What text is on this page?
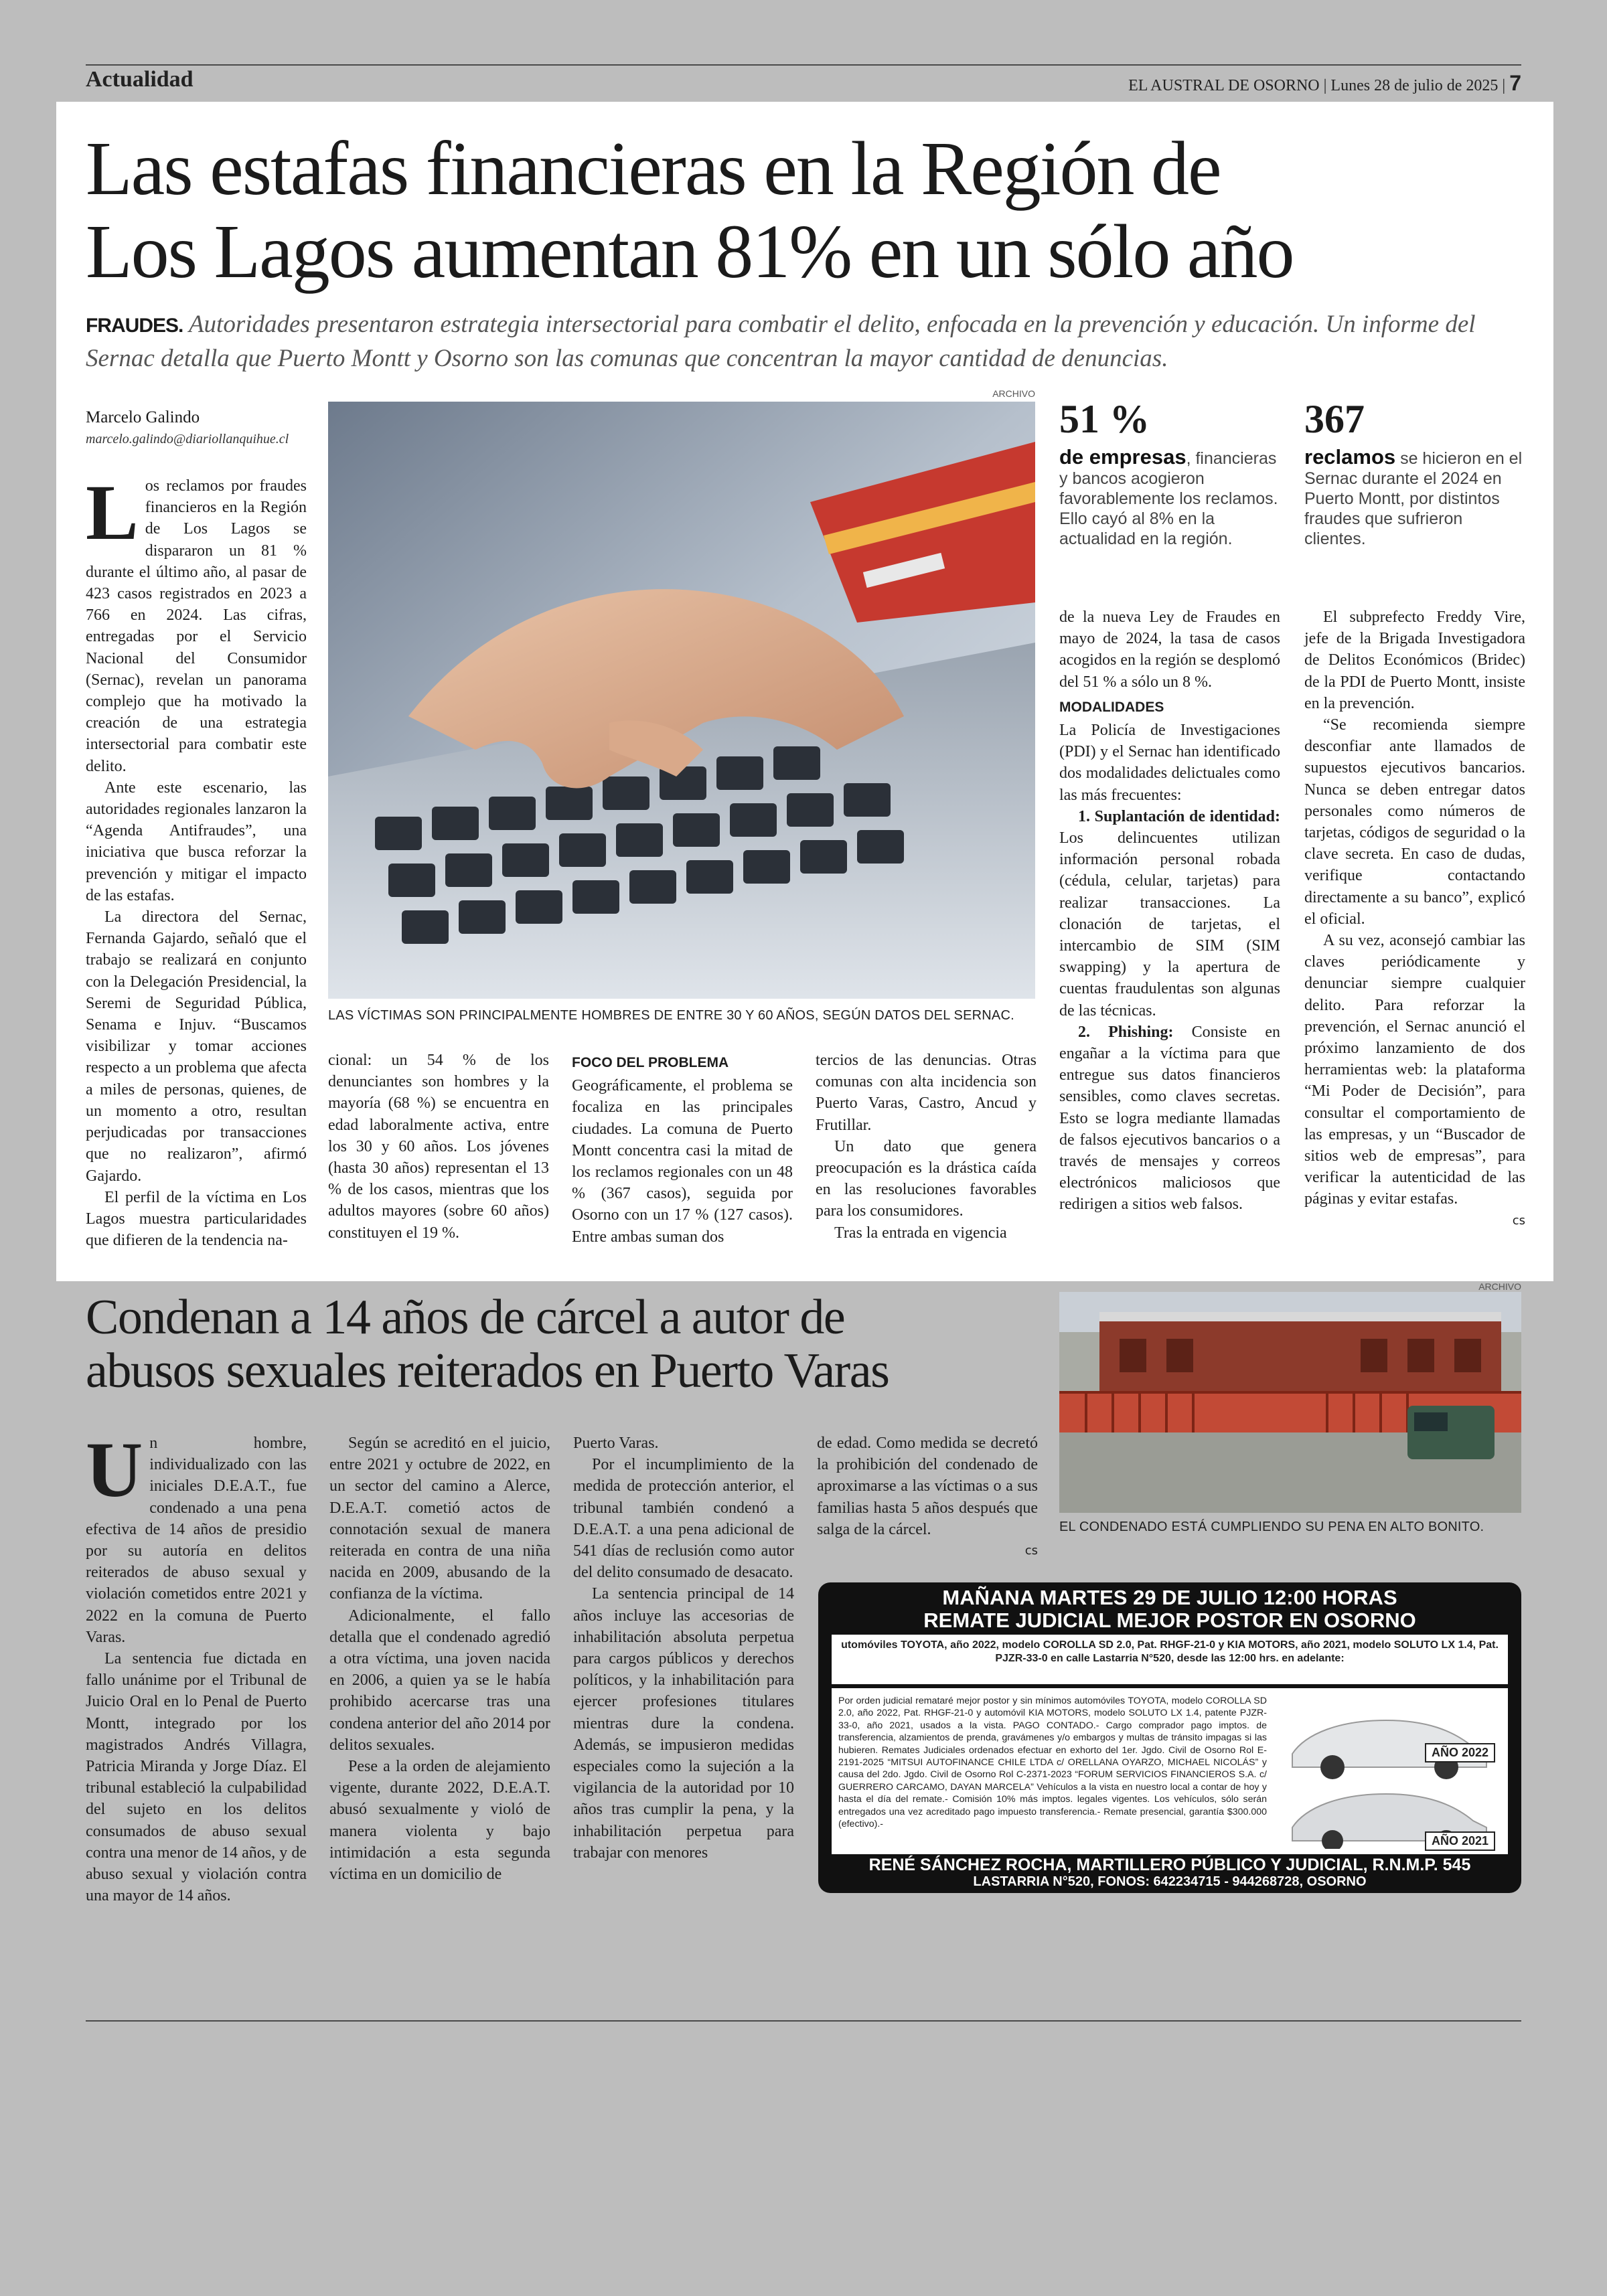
Actualidad	EL AUSTRAL DE OSORNO | Lunes 28 de julio de 2025 | 7
Las estafas financieras en la Región de
Los Lagos aumentan 81% en un sólo año
FRAUDES. Autoridades presentaron estrategia intersectorial para combatir el delito, enfocada en la prevención y educación. Un informe del Sernac detalla que Puerto Montt y Osorno son las comunas que concentran la mayor cantidad de denuncias.
Marcelo Galindo
marcelo.galindo@diariollanquihue.cl

Los reclamos por fraudes financieros en la Región de Los Lagos se dispararon un 81 % durante el último año, al pasar de 423 casos registrados en 2023 a 766 en 2024. Las cifras, entregadas por el Servicio Nacional del Consumidor (Sernac), revelan un panorama complejo que ha motivado la creación de una estrategia intersectorial para combatir este delito.

Ante este escenario, las autoridades regionales lanzaron la “Agenda Antifraudes”, una iniciativa que busca reforzar la prevención y mitigar el impacto de las estafas.

La directora del Sernac, Fernanda Gajardo, señaló que el trabajo se realizará en conjunto con la Delegación Presidencial, la Seremi de Seguridad Pública, Senama e Injuv. “Buscamos visibilizar y tomar acciones respecto a un problema que afecta a miles de personas, quienes, de un momento a otro, resultan perjudicadas por transacciones que no realizaron”, afirmó Gajardo.

El perfil de la víctima en Los Lagos muestra particularidades que difieren de la tendencia na-

ARCHIVO
LAS VÍCTIMAS SON PRINCIPALMENTE HOMBRES DE ENTRE 30 Y 60 AÑOS, SEGÚN DATOS DEL SERNAC.
51 %
de empresas, financieras y bancos acogieron favorablemente los reclamos. Ello cayó al 8% en la actualidad en la región.
367
reclamos se hicieron en el Sernac durante el 2024 en Puerto Montt, por distintos fraudes que sufrieron clientes.

cional: un 54 % de los denunciantes son hombres y la mayoría (68 %) se encuentra en edad laboralmente activa, entre los 30 y 60 años. Los jóvenes (hasta 30 años) representan el 13 % de los casos, mientras que los adultos mayores (sobre 60 años) constituyen el 19 %.

FOCO DEL PROBLEMA

Geográficamente, el problema se focaliza en las principales ciudades. La comuna de Puerto Montt concentra casi la mitad de los reclamos regionales con un 48 % (367 casos), seguida por Osorno con un 17 % (127 casos). Entre ambas suman dos

tercios de las denuncias. Otras comunas con alta incidencia son Puerto Varas, Castro, Ancud y Frutillar.

Un dato que genera preocupación es la drástica caída en las resoluciones favorables para los consumidores.

Tras la entrada en vigencia

de la nueva Ley de Fraudes en mayo de 2024, la tasa de casos acogidos en la región se desplomó del 51 % a sólo un 8 %.

MODALIDADES

La Policía de Investigaciones (PDI) y el Sernac han identificado dos modalidades delictuales como las más frecuentes:

1. Suplantación de identidad: Los delincuentes utilizan información personal robada (cédula, celular, tarjetas) para realizar transacciones. La clonación de tarjetas, el intercambio de SIM (SIM swapping) y la apertura de cuentas fraudulentas son algunas de las técnicas.

2. Phishing: Consiste en engañar a la víctima para que entregue sus datos financieros sensibles, como claves secretas. Esto se logra mediante llamadas de falsos ejecutivos bancarios o a través de mensajes y correos electrónicos maliciosos que redirigen a sitios web falsos.

El subprefecto Freddy Vire, jefe de la Brigada Investigadora de Delitos Económicos (Bridec) de la PDI de Puerto Montt, insiste en la prevención.

“Se recomienda siempre desconfiar ante llamados de supuestos ejecutivos bancarios. Nunca se deben entregar datos personales como números de tarjetas, códigos de seguridad o la clave secreta. En caso de dudas, verifique contactando directamente a su banco”, explicó el oficial.

A su vez, aconsejó cambiar las claves periódicamente y denunciar siempre cualquier delito. Para reforzar la prevención, el Sernac anunció el próximo lanzamiento de dos herramientas web: la plataforma “Mi Poder de Decisión”, para consultar el comportamiento de las empresas, y un “Buscador de sitios web de empresas”, para verificar la autenticidad de las páginas y evitar estafas.

cs
Condenan a 14 años de cárcel a autor de
abusos sexuales reiterados en Puerto Varas
ARCHIVO
EL CONDENADO ESTÁ CUMPLIENDO SU PENA EN ALTO BONITO.

Un hombre, individualizado con las iniciales D.E.A.T., fue condenado a una pena efectiva de 14 años de presidio por su autoría en delitos reiterados de abuso sexual y violación cometidos entre 2021 y 2022 en la comuna de Puerto Varas.

La sentencia fue dictada en fallo unánime por el Tribunal de Juicio Oral en lo Penal de Puerto Montt, integrado por los magistrados Andrés Villagra, Patricia Miranda y Jorge Díaz. El tribunal estableció la culpabilidad del sujeto en los delitos consumados de abuso sexual contra una menor de 14 años, y de abuso sexual y violación contra una mayor de 14 años.

Según se acreditó en el juicio, entre 2021 y octubre de 2022, en un sector del camino a Alerce, D.E.A.T. cometió actos de connotación sexual de manera reiterada en contra de una niña nacida en 2009, abusando de la confianza de la víctima.

Adicionalmente, el fallo detalla que el condenado agredió a otra víctima, una joven nacida en 2006, a quien ya se le había prohibido acercarse tras una condena anterior del año 2014 por delitos sexuales.

Pese a la orden de alejamiento vigente, durante 2022, D.E.A.T. abusó sexualmente y violó de manera violenta y bajo intimidación a esta segunda víctima en un domicilio de

Puerto Varas.

Por el incumplimiento de la medida de protección anterior, el tribunal también condenó a D.E.A.T. a una pena adicional de 541 días de reclusión como autor del delito consumado de desacato.

La sentencia principal de 14 años incluye las accesorias de inhabilitación absoluta perpetua para cargos públicos y derechos políticos, y la inhabilitación para ejercer profesiones titulares mientras dure la condena. Además, se impusieron medidas especiales como la sujeción a la vigilancia de la autoridad por 10 años tras cumplir la pena, y la inhabilitación perpetua para trabajar con menores

de edad. Como medida se decretó la prohibición del condenado de aproximarse a las víctimas o a sus familias hasta 5 años después que salga de la cárcel.

cs
MAÑANA MARTES 29 DE JULIO 12:00 HORAS
REMATE JUDICIAL MEJOR POSTOR EN OSORNO
utomóviles TOYOTA, año 2022, modelo COROLLA SD 2.0, Pat. RHGF-21-0 y KIA MOTORS, año 2021, modelo SOLUTO LX 1.4, Pat. PJZR-33-0 en calle Lastarria N°520, desde las 12:00 hrs. en adelante:
Por orden judicial remataré mejor postor y sin mínimos automóviles TOYOTA, modelo COROLLA SD 2.0, año 2022, Pat. RHGF-21-0 y automóvil KIA MOTORS, modelo SOLUTO LX 1.4, patente PJZR-33-0, año 2021, usados a la vista. PAGO CONTADO.- Cargo comprador pago imptos. de transferencia, alzamientos de prenda, gravámenes y/o embargos y multas de tránsito impagas si las hubieren. Remates Judiciales ordenados efectuar en exhorto del 1er. Jgdo. Civil de Osorno Rol E-2191-2025 “MITSUI AUTOFINANCE CHILE LTDA c/ ORELLANA OYARZO, MICHAEL NICOLÁS” y causa del 2do. Jgdo. Civil de Osorno Rol C-2371-2023 “FORUM SERVICIOS FINANCIEROS S.A. c/ GUERRERO CARCAMO, DAYAN MARCELA” Vehículos a la vista en nuestro local a contar de hoy y hasta el día del remate.- Comisión 10% más imptos. legales vigentes. Los vehículos, sólo serán entregados una vez acreditado pago impuesto transferencia.- Remate presencial, garantía $300.000 (efectivo).-
AÑO 2022
AÑO 2021
RENÉ SÁNCHEZ ROCHA, MARTILLERO PÚBLICO Y JUDICIAL, R.N.M.P. 545
LASTARRIA N°520, FONOS: 642234715 - 944268728, OSORNO
